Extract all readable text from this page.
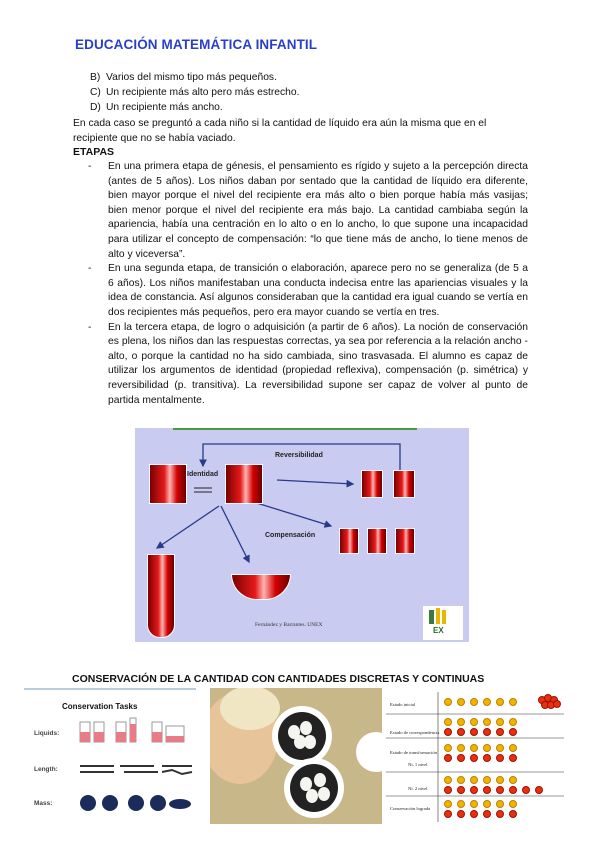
EDUCACIÓN MATEMÁTICA INFANTIL
B) Varios del mismo tipo más pequeños.
C) Un recipiente más alto pero más estrecho.
D) Un recipiente más ancho.
En cada caso se preguntó a cada niño si la cantidad de líquido era aún la misma que en el recipiente que no se había vaciado.
ETAPAS
- En una primera etapa de génesis, el pensamiento es rígido y sujeto a la percepción directa (antes de 5 años). Los niños daban por sentado que la cantidad de líquido era diferente, bien mayor porque el nivel del recipiente era más alto o bien porque había más vasijas; bien menor porque el nivel del recipiente era más bajo. La cantidad cambiaba según la apariencia, había una centración en lo alto o en lo ancho, lo que supone una incapacidad para utilizar el concepto de compensación: “lo que tiene más de ancho, lo tiene menos de alto y viceversa”.
- En una segunda etapa, de transición o elaboración, aparece pero no se generaliza (de 5 a 6 años). Los niños manifestaban una conducta indecisa entre las apariencias visuales y la idea de constancia. Así algunos consideraban que la cantidad era igual cuando se vertía en dos recipientes más pequeños, pero era mayor cuando se vertía en tres.
- En la tercera etapa, de logro o adquisición (a partir de 6 años). La noción de conservación es plena, los niños dan las respuestas correctas, ya sea por referencia a la relación ancho - alto, o porque la cantidad no ha sido cambiada, sino trasvasada. El alumno es capaz de utilizar los argumentos de identidad (propiedad reflexiva), compensación (p. simétrica) y reversibilidad (p. transitiva). La reversibilidad supone ser capaz de volver al punto de partida mentalmente.
Reversibilidad
Identidad
Compensación
Fernández y Barrantes. UNEX
EX
CONSERVACIÓN DE LA CANTIDAD CON CANTIDADES DISCRETAS Y CONTINUAS
Conservation Tasks
Liquids:
Length:
Mass:
Estado inicial
Estado de correspondencia
Estado de transformación
Ni. 1 nivel
Ni. 2 nivel
Conservación lograda
